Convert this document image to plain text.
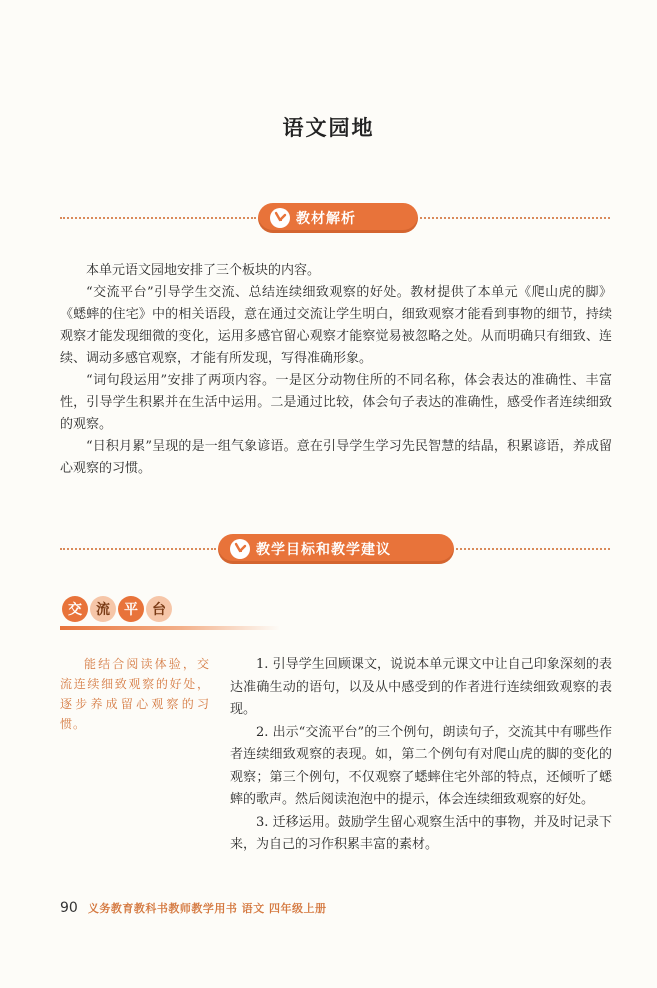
语文园地
教材解析

本单元语文园地安排了三个板块的内容。

“交流平台”引导学生交流、总结连续细致观察的好处。教材提供了本单元《爬山虎的脚》《蟋蟀的住宅》中的相关语段，意在通过交流让学生明白，细致观察才能看到事物的细节，持续观察才能发现细微的变化，运用多感官留心观察才能察觉易被忽略之处。从而明确只有细致、连续、调动多感官观察，才能有所发现，写得准确形象。

“词句段运用”安排了两项内容。一是区分动物住所的不同名称，体会表达的准确性、丰富性，引导学生积累并在生活中运用。二是通过比较，体会句子表达的准确性，感受作者连续细致的观察。

“日积月累”呈现的是一组气象谚语。意在引导学生学习先民智慧的结晶，积累谚语，养成留心观察的习惯。

教学目标和教学建议
交	流	平	台

能结合阅读体验，交流连续细致观察的好处，逐步养成留心观察的习惯。

1. 引导学生回顾课文，说说本单元课文中让自己印象深刻的表达准确生动的语句，以及从中感受到的作者进行连续细致观察的表现。

2. 出示“交流平台”的三个例句，朗读句子，交流其中有哪些作者连续细致观察的表现。如，第二个例句有对爬山虎的脚的变化的观察；第三个例句，不仅观察了蟋蟀住宅外部的特点，还倾听了蟋蟀的歌声。然后阅读泡泡中的提示，体会连续细致观察的好处。

3. 迁移运用。鼓励学生留心观察生活中的事物，并及时记录下来，为自己的习作积累丰富的素材。

90 义务教育教科书教师教学用书 语文 四年级上册
